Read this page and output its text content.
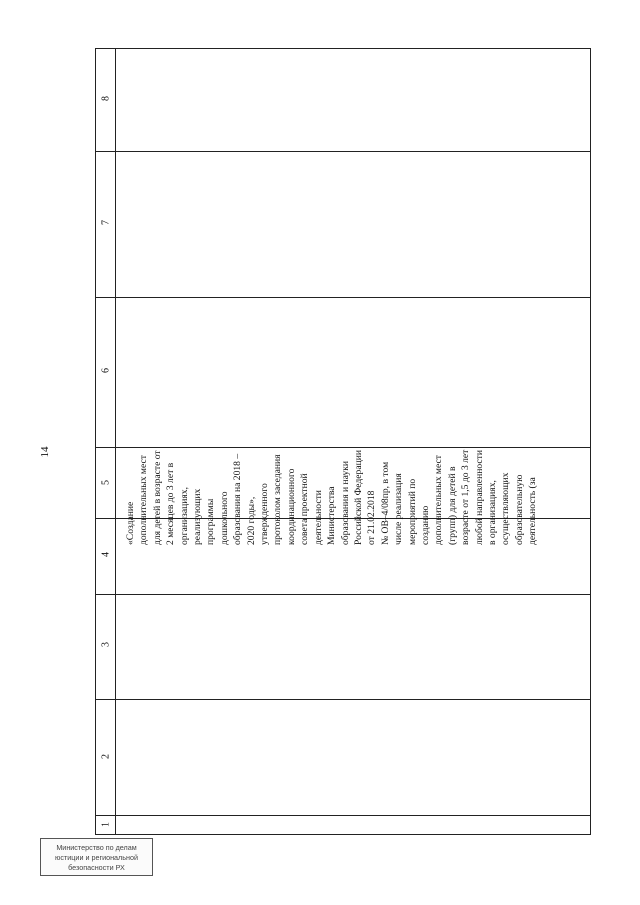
14
8
7
6
5
4
3
2
1
«Создание дополнительных мест для детей в возрасте от 2 месяцев до 3 лет в организациях, реализующих программы дошкольного образования на 2018 – 2020 годы», утвержденного протоколом заседания координационного совета проектной деятельности Министерства образования и науки Российской Федерации от 21.02.2018 № ОВ–4/08пр, в том числе реализация мероприятий по созданию дополнительных мест (групп) для детей в возрасте от 1,5 до 3 лет любой направленности в организациях, осуществляющих образовательную деятельность (за
Министерство по делам
юстиции и региональной
безопасности РХ
